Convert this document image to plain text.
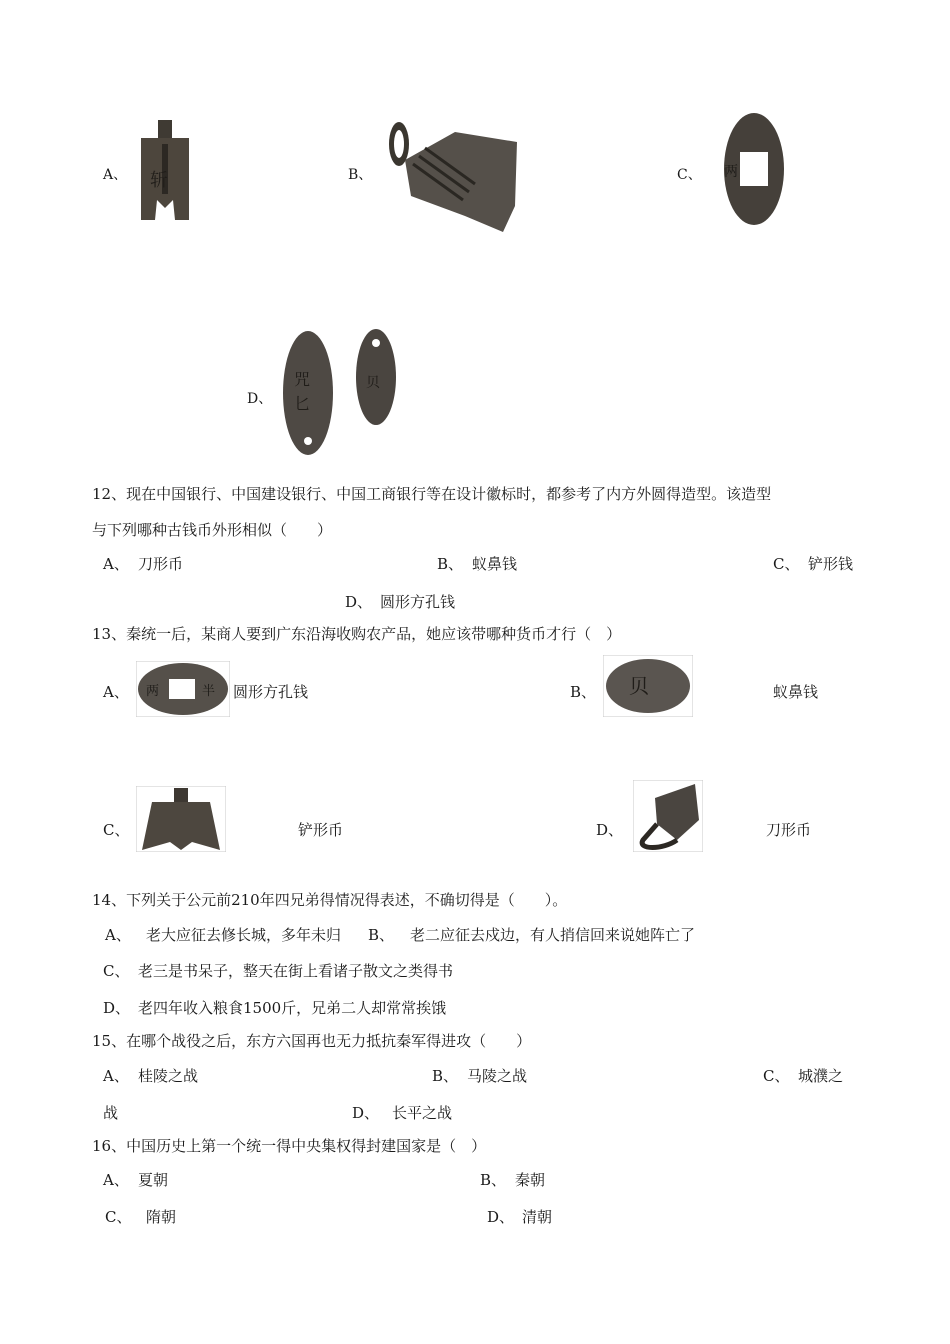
A、 斩	B、	C、 两
D、
咒
匕
贝
12、现在中国银行、中国建设银行、中国工商银行等在设计徽标时，都参考了内方外圆得造型。该造型
与下列哪种古钱币外形相似（　　）
A、 刀形币	B、 蚁鼻钱	C、 铲形钱
D、 圆形方孔钱
13、秦统一后，某商人要到广东沿海收购农产品，她应该带哪种货币才行（　）
A、 两	半 圆形方孔钱	B、 贝	蚁鼻钱
C、	铲形币	D、	刀形币
14、下列关于公元前210年四兄弟得情况得表述，不确切得是（　　）。
A、 老大应征去修长城，多年未归 B、 老二应征去戍边，有人捎信回来说她阵亡了
C、 老三是书呆子，整天在街上看诸子散文之类得书
D、 老四年收入粮食1500斤，兄弟二人却常常挨饿
15、在哪个战役之后，东方六国再也无力抵抗秦军得进攻（　　）
A、 桂陵之战	B、 马陵之战	C、 城濮之
战	D、 长平之战
16、中国历史上第一个统一得中央集权得封建国家是（　）
A、 夏朝	B、 秦朝
C、 隋朝	D、 清朝
